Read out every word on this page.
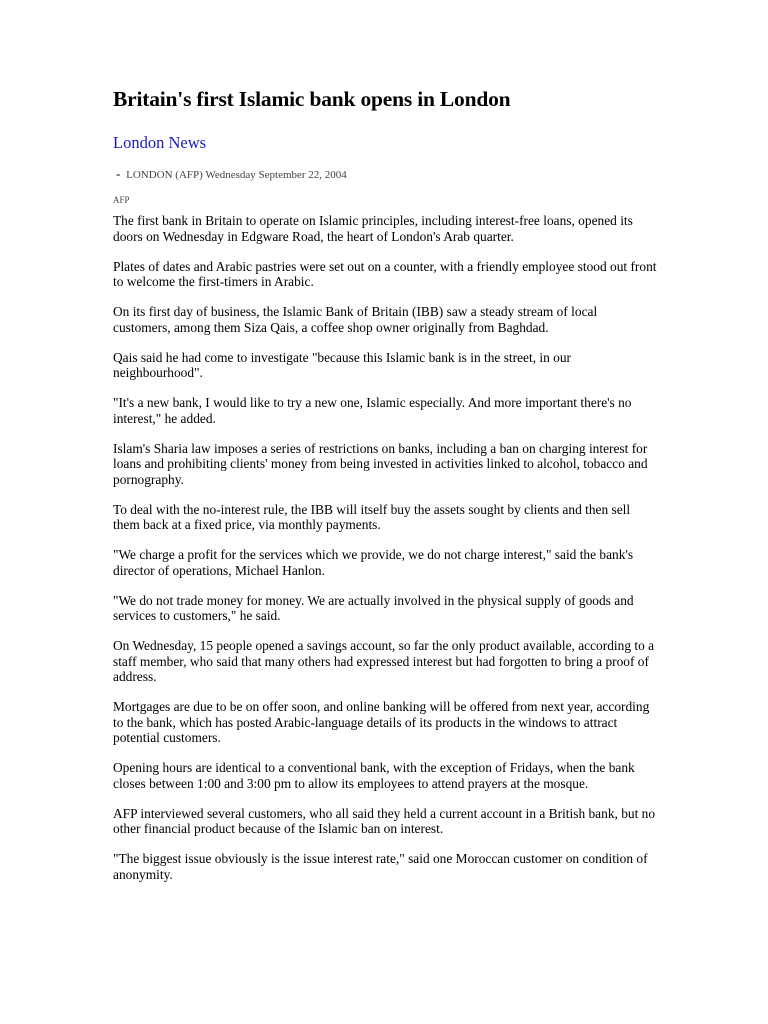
Britain's first Islamic bank opens in London
London News
- LONDON (AFP) Wednesday September 22, 2004
AFP

The first bank in Britain to operate on Islamic principles, including interest-free loans, opened its doors on Wednesday in Edgware Road, the heart of London's Arab quarter.

Plates of dates and Arabic pastries were set out on a counter, with a friendly employee stood out front to welcome the first-timers in Arabic.

On its first day of business, the Islamic Bank of Britain (IBB) saw a steady stream of local customers, among them Siza Qais, a coffee shop owner originally from Baghdad.

Qais said he had come to investigate "because this Islamic bank is in the street, in our neighbourhood".

"It's a new bank, I would like to try a new one, Islamic especially. And more important there's no interest," he added.

Islam's Sharia law imposes a series of restrictions on banks, including a ban on charging interest for loans and prohibiting clients' money from being invested in activities linked to alcohol, tobacco and pornography.

To deal with the no-interest rule, the IBB will itself buy the assets sought by clients and then sell them back at a fixed price, via monthly payments.

"We charge a profit for the services which we provide, we do not charge interest," said the bank's director of operations, Michael Hanlon.

"We do not trade money for money. We are actually involved in the physical supply of goods and services to customers," he said.

On Wednesday, 15 people opened a savings account, so far the only product available, according to a staff member, who said that many others had expressed interest but had forgotten to bring a proof of address.

Mortgages are due to be on offer soon, and online banking will be offered from next year, according to the bank, which has posted Arabic-language details of its products in the windows to attract potential customers.

Opening hours are identical to a conventional bank, with the exception of Fridays, when the bank closes between 1:00 and 3:00 pm to allow its employees to attend prayers at the mosque.

AFP interviewed several customers, who all said they held a current account in a British bank, but no other financial product because of the Islamic ban on interest.

"The biggest issue obviously is the issue interest rate," said one Moroccan customer on condition of anonymity.
